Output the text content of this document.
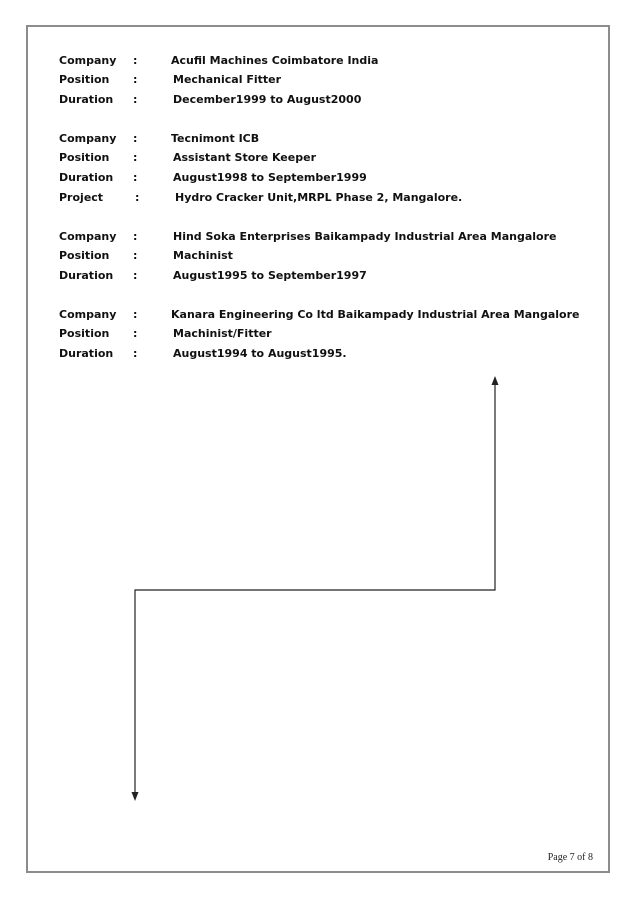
Company :	Acufil Machines Coimbatore India
Position :	Mechanical Fitter
Duration :	December1999 to August2000
Company :	Tecnimont ICB
Position :	Assistant Store Keeper
Duration :	August1998 to September1999
Project	:	Hydro Cracker Unit,MRPL Phase 2, Mangalore.
Company :	Hind Soka Enterprises Baikampady Industrial Area Mangalore
Position :	Machinist
Duration :	August1995 to September1997
Company :	Kanara Engineering Co ltd Baikampady Industrial Area Mangalore
Position :	Machinist/Fitter
Duration :	August1994 to August1995.
Page 7 of 8
